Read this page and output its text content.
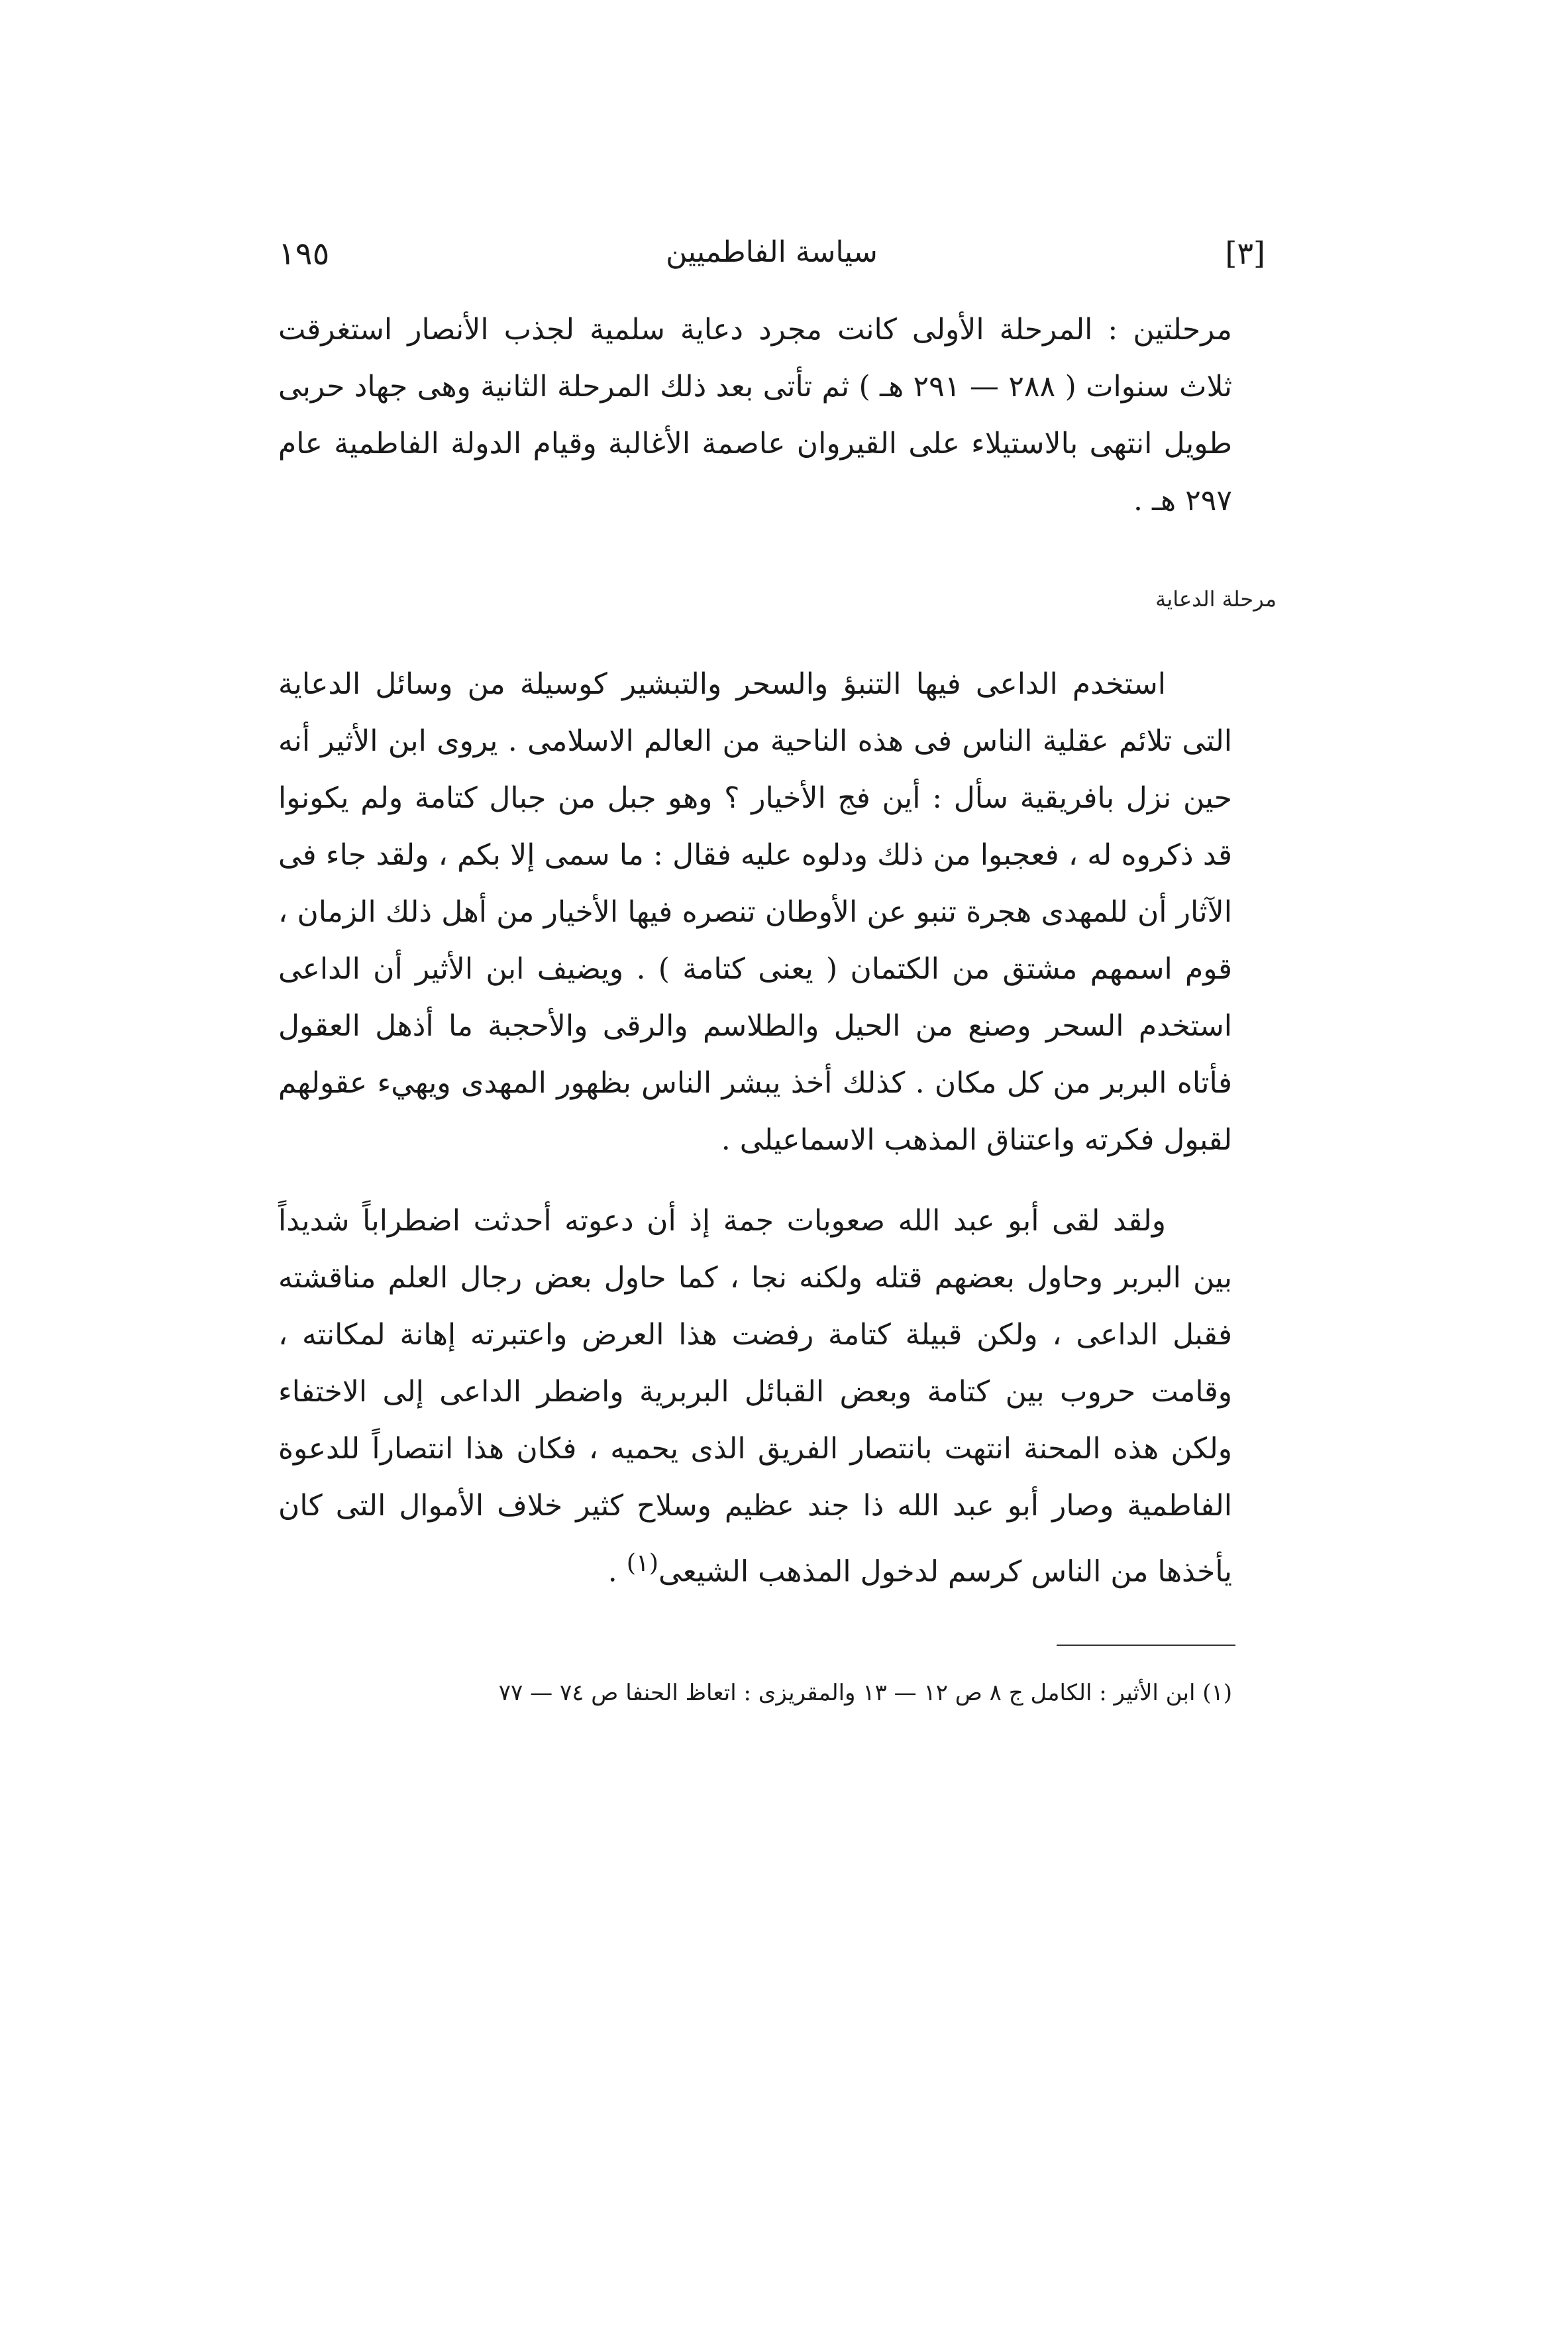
١٩٥	سياسة الفاطميين	[٣]

مرحلتين : المرحلة الأولى كانت مجرد دعاية سلمية لجذب الأنصار استغرقت ثلاث سنوات ( ٢٨٨ — ٢٩١ هـ ) ثم تأتى بعد ذلك المرحلة الثانية وهى جهاد حربى طويل انتهى بالاستيلاء على القيروان عاصمة الأغالبة وقيام الدولة الفاطمية عام ٢٩٧ هـ .

مرحلة الدعاية

استخدم الداعى فيها التنبؤ والسحر والتبشير كوسيلة من وسائل الدعاية التى تلائم عقلية الناس فى هذه الناحية من العالم الاسلامى . يروى ابن الأثير أنه حين نزل بافريقية سأل : أين فج الأخيار ؟ وهو جبل من جبال كتامة ولم يكونوا قد ذكروه له ، فعجبوا من ذلك ودلوه عليه فقال : ما سمى إلا بكم ، ولقد جاء فى الآثار أن للمهدى هجرة تنبو عن الأوطان تنصره فيها الأخيار من أهل ذلك الزمان ، قوم اسمهم مشتق من الكتمان ( يعنى كتامة ) . ويضيف ابن الأثير أن الداعى استخدم السحر وصنع من الحيل والطلاسم والرقى والأحجبة ما أذهل العقول فأتاه البربر من كل مكان . كذلك أخذ يبشر الناس بظهور المهدى ويهيء عقولهم لقبول فكرته واعتناق المذهب الاسماعيلى .

ولقد لقى أبو عبد الله صعوبات جمة إذ أن دعوته أحدثت اضطراباً شديداً بين البربر وحاول بعضهم قتله ولكنه نجا ، كما حاول بعض رجال العلم مناقشته فقبل الداعى ، ولكن قبيلة كتامة رفضت هذا العرض واعتبرته إهانة لمكانته ، وقامت حروب بين كتامة وبعض القبائل البربرية واضطر الداعى إلى الاختفاء ولكن هذه المحنة انتهت بانتصار الفريق الذى يحميه ، فكان هذا انتصاراً للدعوة الفاطمية وصار أبو عبد الله ذا جند عظيم وسلاح كثير خلاف الأموال التى كان يأخذها من الناس كرسم لدخول المذهب الشيعى$^{(١)}$ .

(١) ابن الأثير : الكامل ج ٨ ص ١٢ — ١٣ والمقريزى : اتعاظ الحنفا ص ٧٤ — ٧٧
